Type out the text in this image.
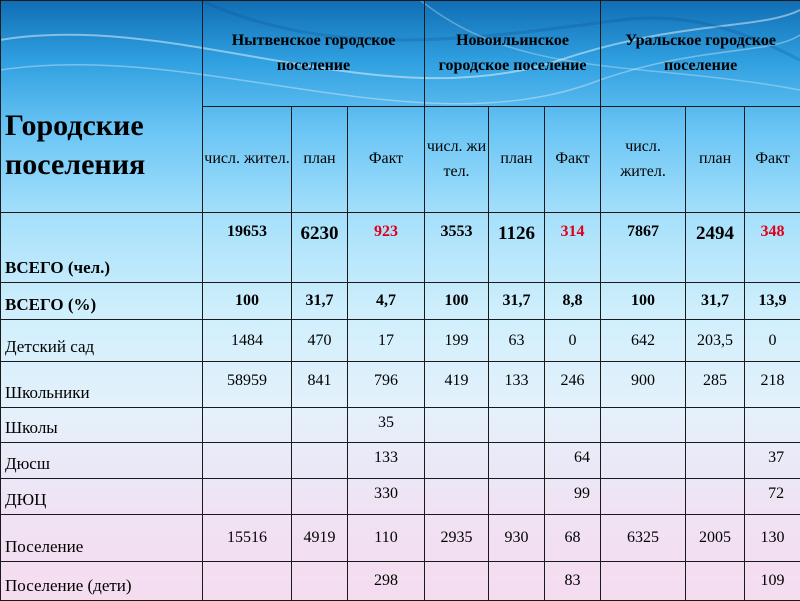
Городские поселения	Нытвенское городское поселение			Новоильинское городское поселение			Уральское городское поселение		
	числ. жител.	план	Факт	числ. жител.	план	Факт	числ. жител.	план	Факт
ВСЕГО (чел.)	19653	6230	923	3553	1126	314	7867	2494	348
ВСЕГО (%)	100	31,7	4,7	100	31,7	8,8	100	31,7	13,9
Детский сад	1484	470	17	199	63	0	642	203,5	0
Школьники	58959	841	796	419	133	246	900	285	218
Школы			35						
Дюсш			133			64			37
ДЮЦ			330			99			72
Поселение	15516	4919	110	2935	930	68	6325	2005	130
Поселение (дети)			298			83			109
